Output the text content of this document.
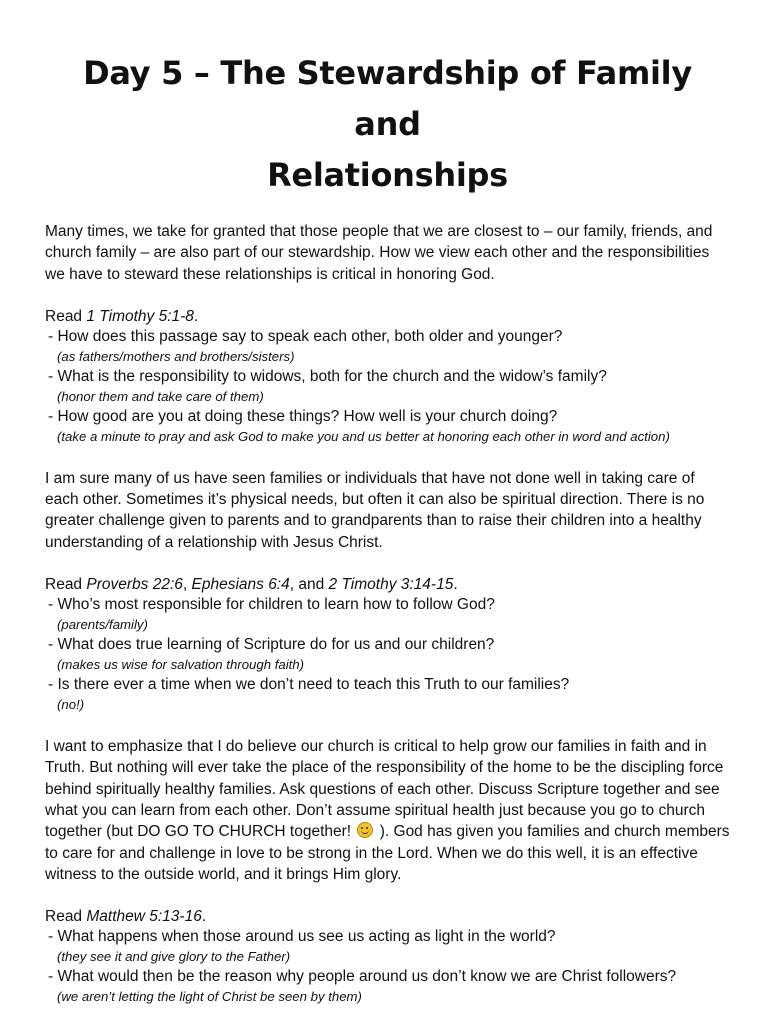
Day 5 – The Stewardship of Family and
Relationships

Many times, we take for granted that those people that we are closest to – our family, friends, and church family – are also part of our stewardship. How we view each other and the responsibilities we have to steward these relationships is critical in honoring God.

Read 1 Timothy 5:1-8.

- How does this passage say to speak each other, both older and younger?

(as fathers/mothers and brothers/sisters)

- What is the responsibility to widows, both for the church and the widow’s family?

(honor them and take care of them)

- How good are you at doing these things? How well is your church doing?

(take a minute to pray and ask God to make you and us better at honoring each other in word and action)

I am sure many of us have seen families or individuals that have not done well in taking care of each other. Sometimes it’s physical needs, but often it can also be spiritual direction. There is no greater challenge given to parents and to grandparents than to raise their children into a healthy understanding of a relationship with Jesus Christ.

Read Proverbs 22:6, Ephesians 6:4, and 2 Timothy 3:14-15.

- Who’s most responsible for children to learn how to follow God?

(parents/family)

- What does true learning of Scripture do for us and our children?

(makes us wise for salvation through faith)

- Is there ever a time when we don’t need to teach this Truth to our families?

(no!)

I want to emphasize that I do believe our church is critical to help grow our families in faith and in Truth. But nothing will ever take the place of the responsibility of the home to be the discipling force behind spiritually healthy families. Ask questions of each other. Discuss Scripture together and see what you can learn from each other. Don’t assume spiritual health just because you go to church together (but DO GO TO CHURCH together! ). God has given you families and church members to care for and challenge in love to be strong in the Lord. When we do this well, it is an effective witness to the outside world, and it brings Him glory.

Read Matthew 5:13-16.

- What happens when those around us see us acting as light in the world?

(they see it and give glory to the Father)

- What would then be the reason why people around us don’t know we are Christ followers?

(we aren’t letting the light of Christ be seen by them)
